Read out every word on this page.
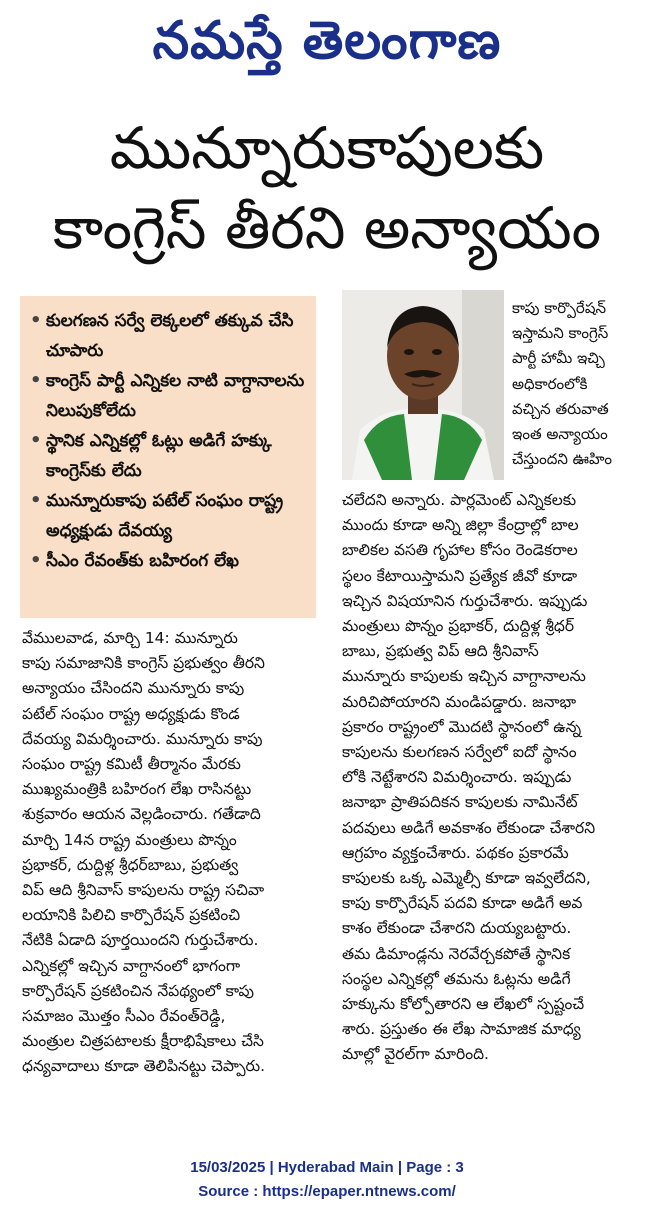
నమస్తే తెలంగాణ
మున్నూరుకాపులకు
కాంగ్రెస్ తీరని అన్యాయం
• కులగణన సర్వే లెక్కలలో తక్కువ చేసి చూపారు
• కాంగ్రెస్ పార్టీ ఎన్నికల నాటి వాగ్దానాలను నిలుపుకోలేదు
• స్థానిక ఎన్నికల్లో ఓట్లు అడిగే హక్కు కాంగ్రెస్‌కు లేదు
• మున్నూరుకాపు పటేల్ సంఘం రాష్ట్ర అధ్యక్షుడు దేవయ్య
• సీఎం రేవంత్‌కు బహిరంగ లేఖ
కాపు కార్పొరేషన్
ఇస్తామని కాంగ్రెస్
పార్టీ హామీ ఇచ్చి
అధికారంలోకి
వచ్చిన తరువాత
ఇంత అన్యాయం
చేస్తుందని ఊహిం
వేములవాడ, మార్చి 14: మున్నూరు
కాపు సమాజానికి కాంగ్రెస్ ప్రభుత్వం తీరని
అన్యాయం చేసిందని మున్నూరు కాపు
పటేల్ సంఘం రాష్ట్ర అధ్యక్షుడు కొండ
దేవయ్య విమర్శించారు. మున్నూరు కాపు
సంఘం రాష్ట్ర కమిటీ తీర్మానం మేరకు
ముఖ్యమంత్రికి బహిరంగ లేఖ రాసినట్టు
శుక్రవారం ఆయన వెల్లడించారు. గతేడాది
మార్చి 14న రాష్ట్ర మంత్రులు పొన్నం
ప్రభాకర్, దుద్దిళ్ల శ్రీధర్‌బాబు, ప్రభుత్వ
విప్ ఆది శ్రీనివాస్ కాపులను రాష్ట్ర సచివా
లయానికి పిలిచి కార్పొరేషన్ ప్రకటించి
నేటికి ఏడాది పూర్తయిందని గుర్తుచేశారు.
ఎన్నికల్లో ఇచ్చిన వాగ్దానంలో భాగంగా
కార్పొరేషన్ ప్రకటించిన నేపథ్యంలో కాపు
సమాజం మొత్తం సీఎం రేవంత్‌రెడ్డి,
మంత్రుల చిత్రపటాలకు క్షీరాభిషేకాలు చేసి
ధన్యవాదాలు కూడా తెలిపినట్టు చెప్పారు.
చలేదని అన్నారు. పార్లమెంట్ ఎన్నికలకు
ముందు కూడా అన్ని జిల్లా కేంద్రాల్లో బాల
బాలికల వసతి గృహాల కోసం రెండెకరాల
స్థలం కేటాయిస్తామని ప్రత్యేక జీవో కూడా
ఇచ్చిన విషయానిన గుర్తుచేశారు. ఇప్పుడు
మంత్రులు పొన్నం ప్రభాకర్, దుద్దిళ్ల శ్రీధర్
బాబు, ప్రభుత్వ విప్ ఆది శ్రీనివాస్
మున్నూరు కాపులకు ఇచ్చిన వాగ్దానాలను
మరిచిపోయారని మండిపడ్డారు. జనాభా
ప్రకారం రాష్ట్రంలో మొదటి స్థానంలో ఉన్న
కాపులను కులగణన సర్వేలో ఐదో స్థానం
లోకి నెట్టేశారని విమర్శించారు. ఇప్పుడు
జనాభా ప్రాతిపదికన కాపులకు నామినేట్
పదవులు అడిగే అవకాశం లేకుండా చేశారని
ఆగ్రహం వ్యక్తంచేశారు. పథకం ప్రకారమే
కాపులకు ఒక్క ఎమ్మెల్సీ కూడా ఇవ్వలేదని,
కాపు కార్పొరేషన్ పదవి కూడా అడిగే అవ
కాశం లేకుండా చేశారని దుయ్యబట్టారు.
తమ డిమాండ్లను నెరవేర్చకపోతే స్థానిక
సంస్థల ఎన్నికల్లో తమను ఓట్లను అడిగే
హక్కును కోల్పోతారని ఆ లేఖలో స్పష్టంచే
శారు. ప్రస్తుతం ఈ లేఖ సామాజిక మాధ్య
మాల్లో వైరల్‌గా మారింది.
15/03/2025 | Hyderabad Main | Page : 3
Source : https://epaper.ntnews.com/
